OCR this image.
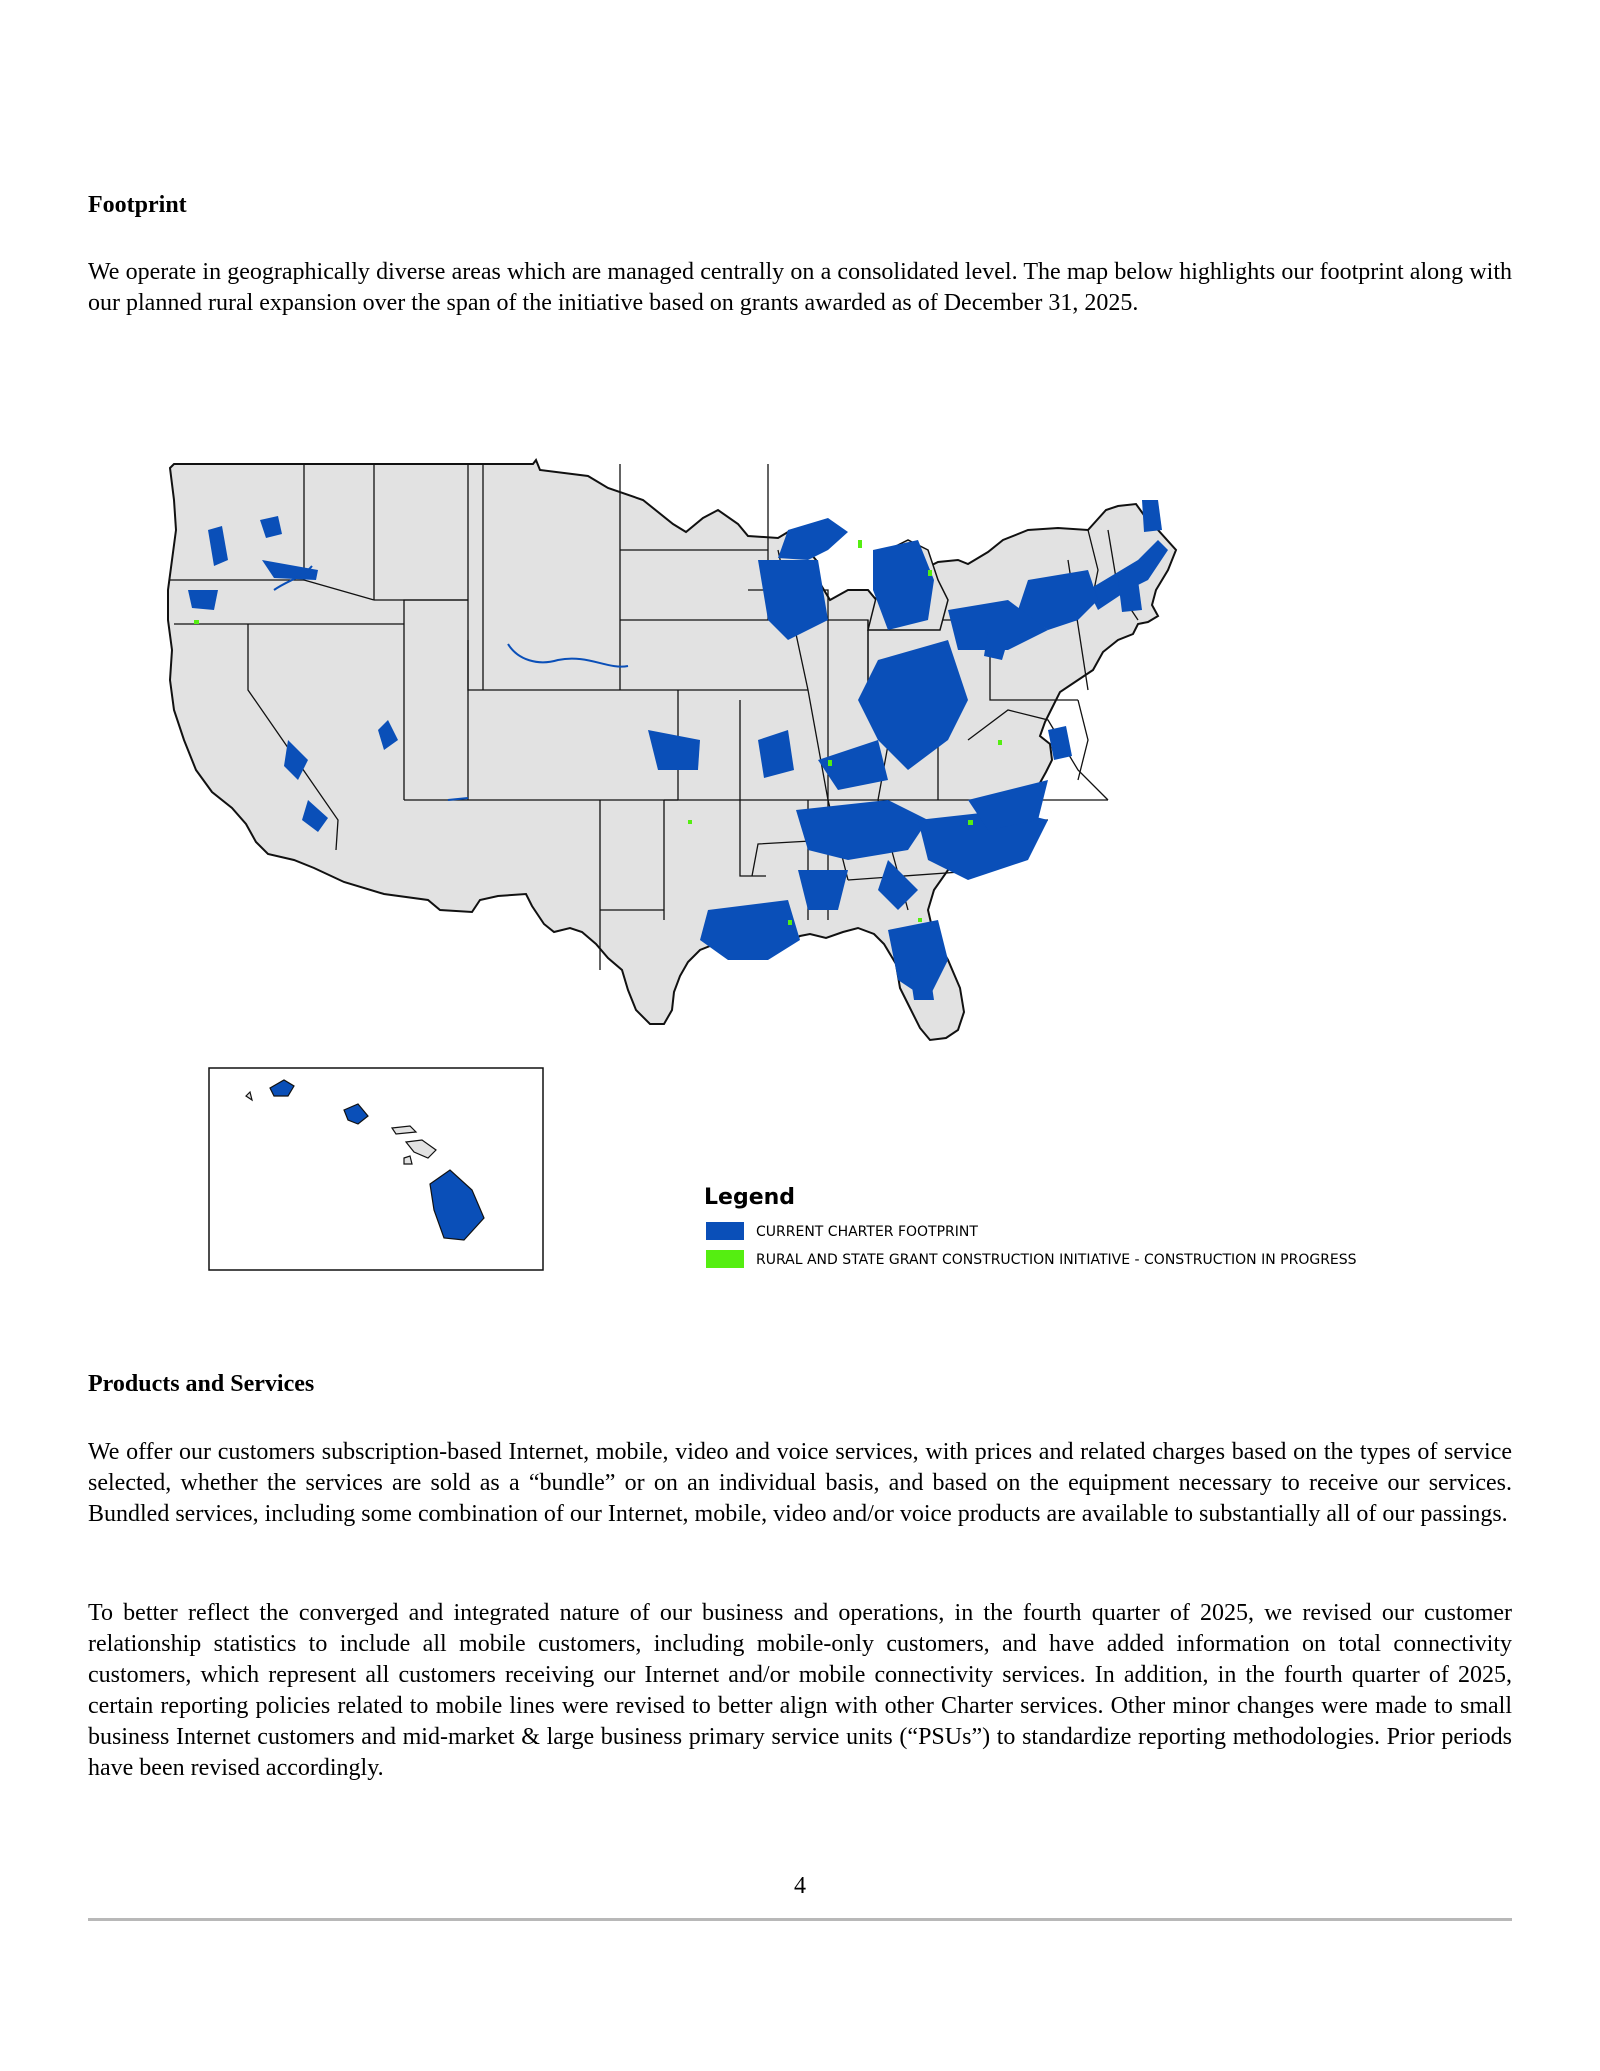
Footprint

We operate in geographically diverse areas which are managed centrally on a consolidated level. The map below highlights our footprint along with our planned rural expansion over the span of the initiative based on grants awarded as of December 31, 2025.

Legend
CURRENT CHARTER FOOTPRINT
RURAL AND STATE GRANT CONSTRUCTION INITIATIVE - CONSTRUCTION IN PROGRESS
Products and Services

We offer our customers subscription-based Internet, mobile, video and voice services, with prices and related charges based on the types of service selected, whether the services are sold as a “bundle” or on an individual basis, and based on the equipment necessary to receive our services. Bundled services, including some combination of our Internet, mobile, video and/or voice products are available to substantially all of our passings.

To better reflect the converged and integrated nature of our business and operations, in the fourth quarter of 2025, we revised our customer relationship statistics to include all mobile customers, including mobile-only customers, and have added information on total connectivity customers, which represent all customers receiving our Internet and/or mobile connectivity services. In addition, in the fourth quarter of 2025, certain reporting policies related to mobile lines were revised to better align with other Charter services. Other minor changes were made to small business Internet customers and mid-market & large business primary service units (“PSUs”) to standardize reporting methodologies. Prior periods have been revised accordingly.

4
